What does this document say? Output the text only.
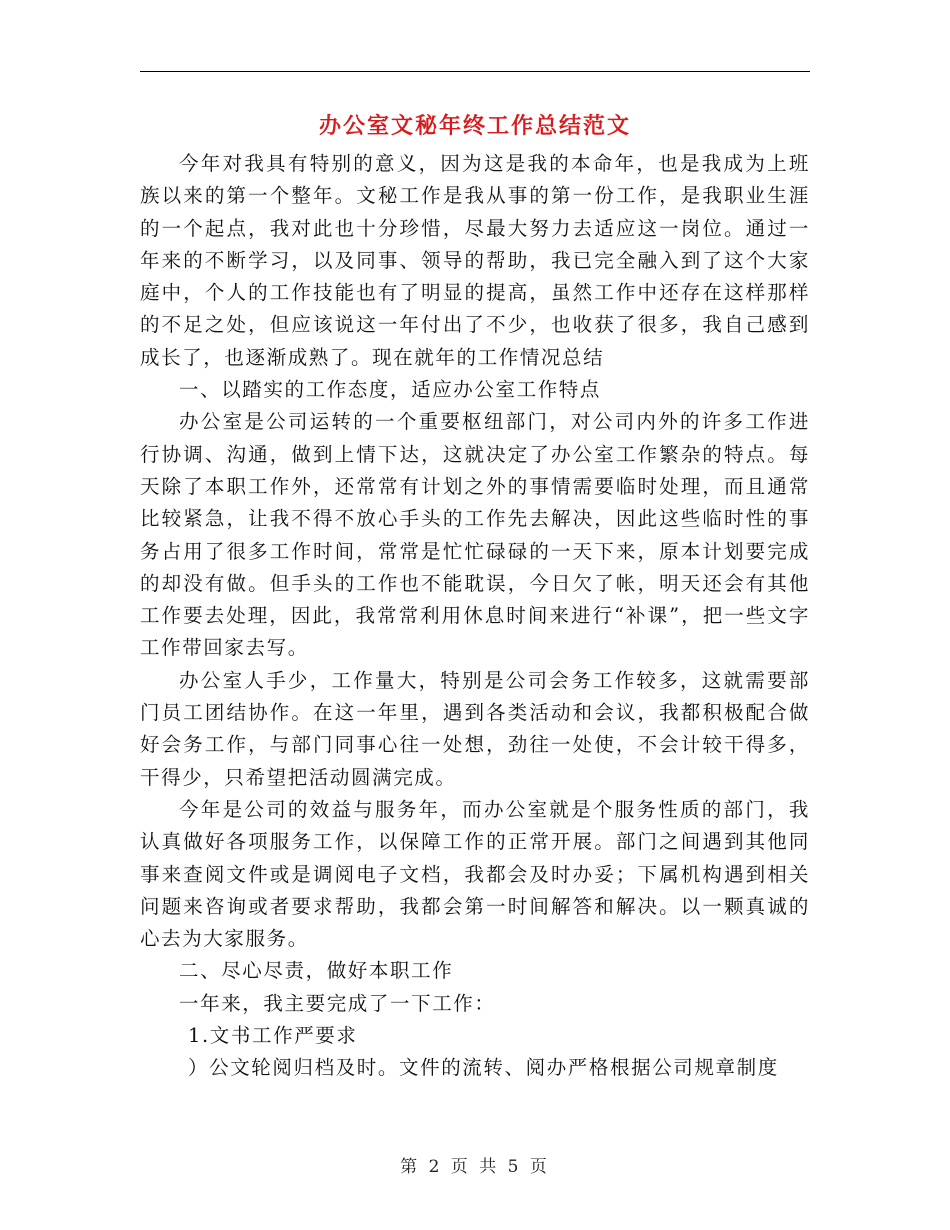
办公室文秘年终工作总结范文

今年对我具有特别的意义，因为这是我的本命年，也是我成为上班族以来的第一个整年。文秘工作是我从事的第一份工作，是我职业生涯的一个起点，我对此也十分珍惜，尽最大努力去适应这一岗位。通过一年来的不断学习，以及同事、领导的帮助，我已完全融入到了这个大家庭中，个人的工作技能也有了明显的提高，虽然工作中还存在这样那样的不足之处，但应该说这一年付出了不少，也收获了很多，我自己感到成长了，也逐渐成熟了。现在就年的工作情况总结

一、以踏实的工作态度，适应办公室工作特点

办公室是公司运转的一个重要枢纽部门，对公司内外的许多工作进行协调、沟通，做到上情下达，这就决定了办公室工作繁杂的特点。每天除了本职工作外，还常常有计划之外的事情需要临时处理，而且通常比较紧急，让我不得不放心手头的工作先去解决，因此这些临时性的事务占用了很多工作时间，常常是忙忙碌碌的一天下来，原本计划要完成的却没有做。但手头的工作也不能耽误，今日欠了帐，明天还会有其他工作要去处理，因此，我常常利用休息时间来进行“补课”，把一些文字工作带回家去写。

办公室人手少，工作量大，特别是公司会务工作较多，这就需要部门员工团结协作。在这一年里，遇到各类活动和会议，我都积极配合做好会务工作，与部门同事心往一处想，劲往一处使，不会计较干得多，干得少，只希望把活动圆满完成。

今年是公司的效益与服务年，而办公室就是个服务性质的部门，我认真做好各项服务工作，以保障工作的正常开展。部门之间遇到其他同事来查阅文件或是调阅电子文档，我都会及时办妥；下属机构遇到相关问题来咨询或者要求帮助，我都会第一时间解答和解决。以一颗真诚的心去为大家服务。

二、尽心尽责，做好本职工作

一年来，我主要完成了一下工作：

1.文书工作严要求

）公文轮阅归档及时。文件的流转、阅办严格根据公司规章制度

第 2 页 共 5 页
